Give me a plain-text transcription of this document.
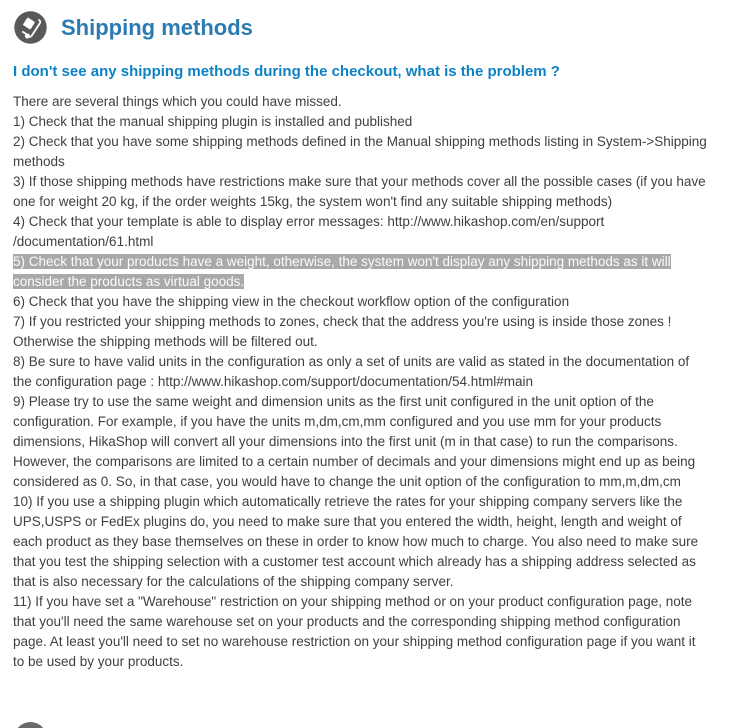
Shipping methods
I don't see any shipping methods during the checkout, what is the problem ?
There are several things which you could have missed.
1) Check that the manual shipping plugin is installed and published
2) Check that you have some shipping methods defined in the Manual shipping methods listing in System->Shipping methods
3) If those shipping methods have restrictions make sure that your methods cover all the possible cases (if you have one for weight 20 kg, if the order weights 15kg, the system won't find any suitable shipping methods)
4) Check that your template is able to display error messages: http://www.hikashop.com/en/support /documentation/61.html
5) Check that your products have a weight, otherwise, the system won't display any shipping methods as it will consider the products as virtual goods.
6) Check that you have the shipping view in the checkout workflow option of the configuration
7) If you restricted your shipping methods to zones, check that the address you're using is inside those zones ! Otherwise the shipping methods will be filtered out.
8) Be sure to have valid units in the configuration as only a set of units are valid as stated in the documentation of the configuration page : http://www.hikashop.com/support/documentation/54.html#main
9) Please try to use the same weight and dimension units as the first unit configured in the unit option of the configuration. For example, if you have the units m,dm,cm,mm configured and you use mm for your products dimensions, HikaShop will convert all your dimensions into the first unit (m in that case) to run the comparisons. However, the comparisons are limited to a certain number of decimals and your dimensions might end up as being considered as 0. So, in that case, you would have to change the unit option of the configuration to mm,m,dm,cm
10) If you use a shipping plugin which automatically retrieve the rates for your shipping company servers like the UPS,USPS or FedEx plugins do, you need to make sure that you entered the width, height, length and weight of each product as they base themselves on these in order to know how much to charge. You also need to make sure that you test the shipping selection with a customer test account which already has a shipping address selected as that is also necessary for the calculations of the shipping company server.
11) If you have set a "Warehouse" restriction on your shipping method or on your product configuration page, note that you'll need the same warehouse set on your products and the corresponding shipping method configuration page. At least you'll need to set no warehouse restriction on your shipping method configuration page if you want it to be used by your products.
